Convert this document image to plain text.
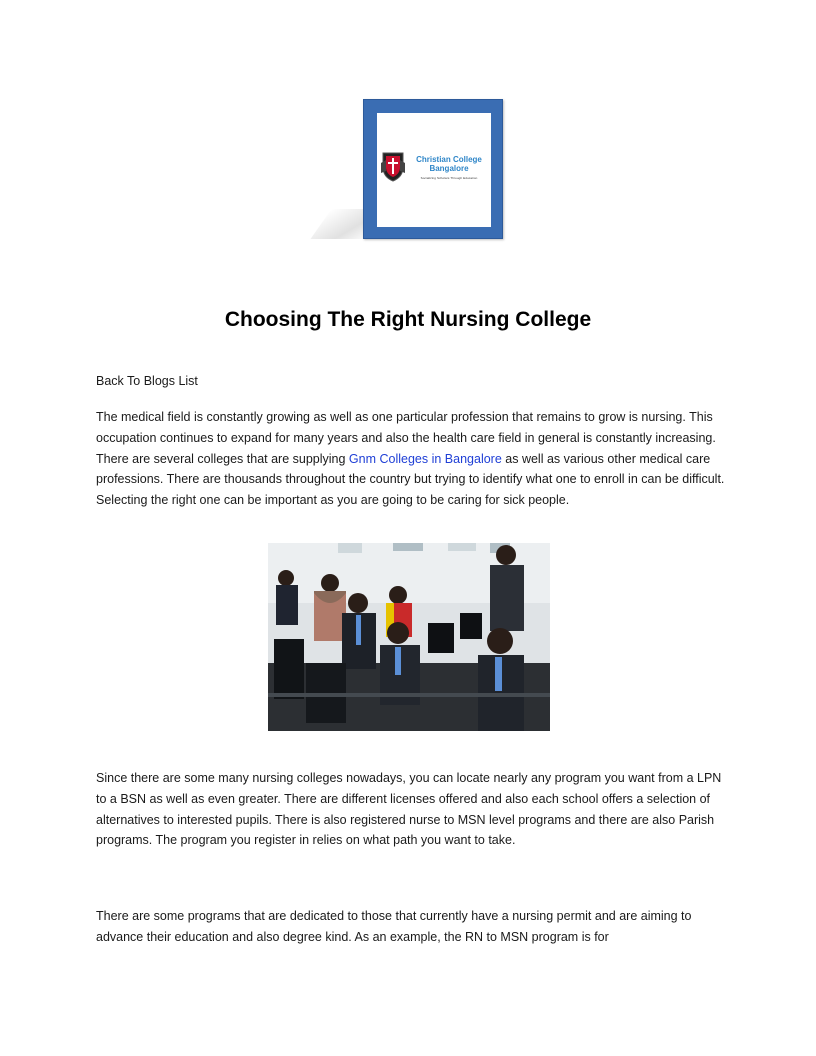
Christian College
Bangalore
Socializing Scholars Through Education
Choosing The Right Nursing College
Back To Blogs List

The medical field is constantly growing as well as one particular profession that remains to grow is nursing. This occupation continues to expand for many years and also the health care field in general is constantly increasing. There are several colleges that are supplying Gnm Colleges in Bangalore as well as various other medical care professions. There are thousands throughout the country but trying to identify what one to enroll in can be difficult. Selecting the right one can be important as you are going to be caring for sick people.

Since there are some many nursing colleges nowadays, you can locate nearly any program you want from a LPN to a BSN as well as even greater. There are different licenses offered and also each school offers a selection of alternatives to interested pupils. There is also registered nurse to MSN level programs and there are also Parish programs. The program you register in relies on what path you want to take.

There are some programs that are dedicated to those that currently have a nursing permit and are aiming to advance their education and also degree kind. As an example, the RN to MSN program is for
